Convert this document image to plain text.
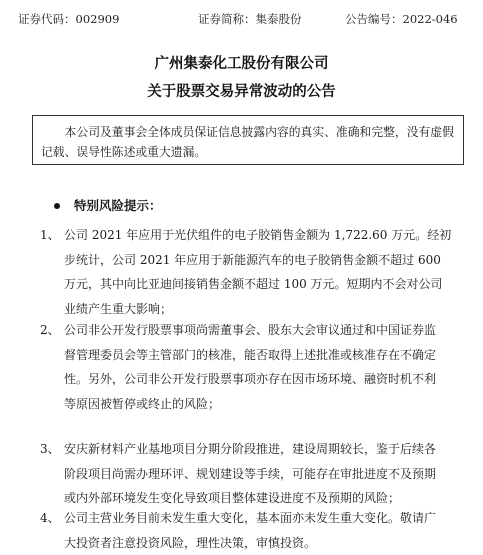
证券代码：002909	证券简称：集泰股份	公告编号：2022-046
广州集泰化工股份有限公司
关于股票交易异常波动的公告
本公司及董事会全体成员保证信息披露内容的真实、准确和完整，没有虚假记载、误导性陈述或重大遗漏。
特别风险提示：
1、 公司 2021 年应用于光伏组件的电子胶销售金额为 1,722.60 万元。经初
步统计，公司 2021 年应用于新能源汽车的电子胶销售金额不超过 600
万元，其中向比亚迪间接销售金额不超过 100 万元。短期内不会对公司
业绩产生重大影响；
2、 公司非公开发行股票事项尚需董事会、股东大会审议通过和中国证券监
督管理委员会等主管部门的核准，能否取得上述批准或核准存在不确定
性。另外，公司非公开发行股票事项亦存在因市场环境、融资时机不利
等原因被暂停或终止的风险；
3、 安庆新材料产业基地项目分期分阶段推进，建设周期较长，鉴于后续各
阶段项目尚需办理环评、规划建设等手续，可能存在审批进度不及预期
或内外部环境发生变化导致项目整体建设进度不及预期的风险；
4、 公司主营业务目前未发生重大变化，基本面亦未发生重大变化。敬请广
大投资者注意投资风险，理性决策，审慎投资。
